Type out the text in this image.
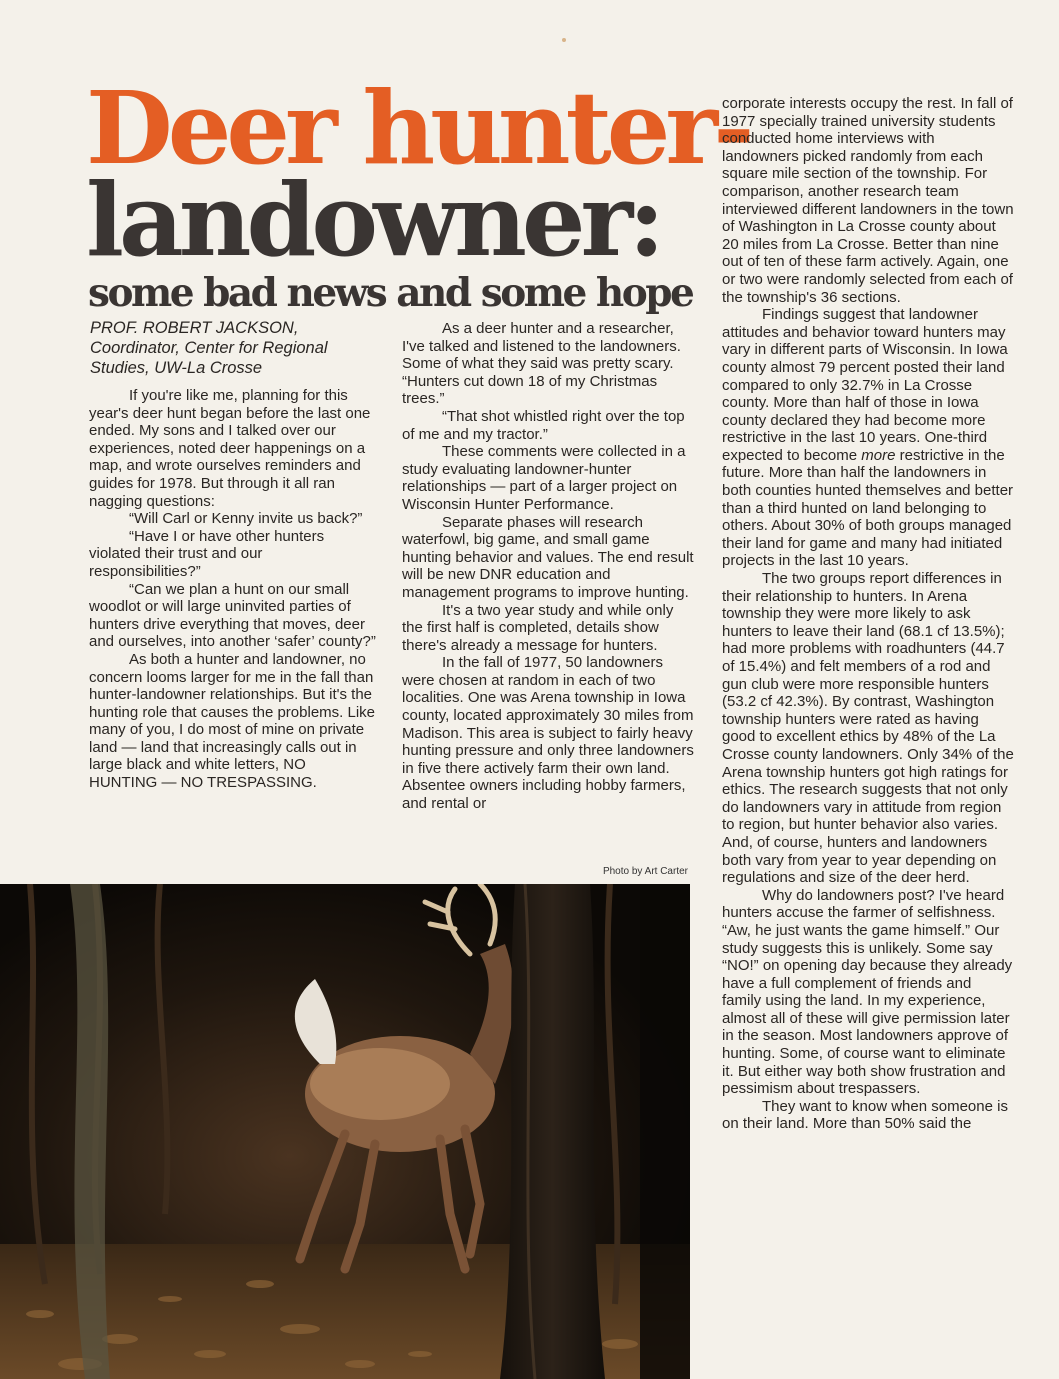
Deer hunter-
landowner:
some bad news and some hope
PROF. ROBERT JACKSON,
Coordinator, Center for Regional
Studies, UW-La Crosse

If you're like me, planning for this year's deer hunt began before the last one ended. My sons and I talked over our experiences, noted deer happenings on a map, and wrote ourselves reminders and guides for 1978. But through it all ran nagging questions:

“Will Carl or Kenny invite us back?”

“Have I or have other hunters violated their trust and our responsibilities?”

“Can we plan a hunt on our small woodlot or will large uninvited parties of hunters drive everything that moves, deer and ourselves, into another ‘safer’ county?”

As both a hunter and landowner, no concern looms larger for me in the fall than hunter-landowner relationships. But it's the hunting role that causes the problems. Like many of you, I do most of mine on private land — land that increasingly calls out in large black and white letters, NO HUNTING — NO TRESPASSING.

As a deer hunter and a researcher, I've talked and listened to the landowners. Some of what they said was pretty scary. “Hunters cut down 18 of my Christmas trees.”

“That shot whistled right over the top of me and my tractor.”

These comments were collected in a study evaluating landowner-hunter relationships — part of a larger project on Wisconsin Hunter Performance.

Separate phases will research waterfowl, big game, and small game hunting behavior and values. The end result will be new DNR education and management programs to improve hunting.

It's a two year study and while only the first half is completed, details show there's already a message for hunters.

In the fall of 1977, 50 landowners were chosen at random in each of two localities. One was Arena township in Iowa county, located approximately 30 miles from Madison. This area is subject to fairly heavy hunting pressure and only three landowners in five there actively farm their own land. Absentee owners including hobby farmers, and rental or

corporate interests occupy the rest. In fall of 1977 specially trained university students conducted home interviews with landowners picked randomly from each square mile section of the township. For comparison, another research team interviewed different landowners in the town of Washington in La Crosse county about 20 miles from La Crosse. Better than nine out of ten of these farm actively. Again, one or two were randomly selected from each of the township's 36 sections.

Findings suggest that landowner attitudes and behavior toward hunters may vary in different parts of Wisconsin. In Iowa county almost 79 percent posted their land compared to only 32.7% in La Crosse county. More than half of those in Iowa county declared they had become more restrictive in the last 10 years. One-third expected to become more restrictive in the future. More than half the landowners in both counties hunted themselves and better than a third hunted on land belonging to others. About 30% of both groups managed their land for game and many had initiated projects in the last 10 years.

The two groups report differences in their relationship to hunters. In Arena township they were more likely to ask hunters to leave their land (68.1 cf 13.5%); had more problems with roadhunters (44.7 of 15.4%) and felt members of a rod and gun club were more responsible hunters (53.2 cf 42.3%). By contrast, Washington township hunters were rated as having good to excellent ethics by 48% of the La Crosse county landowners. Only 34% of the Arena township hunters got high ratings for ethics. The research suggests that not only do landowners vary in attitude from region to region, but hunter behavior also varies. And, of course, hunters and landowners both vary from year to year depending on regulations and size of the deer herd.

Why do landowners post? I've heard hunters accuse the farmer of selfishness. “Aw, he just wants the game himself.” Our study suggests this is unlikely. Some say “NO!” on opening day because they already have a full complement of friends and family using the land. In my experience, almost all of these will give permission later in the season. Most landowners approve of hunting. Some, of course want to eliminate it. But either way both show frustration and pessimism about trespassers.

They want to know when someone is on their land. More than 50% said the

Photo by Art Carter
